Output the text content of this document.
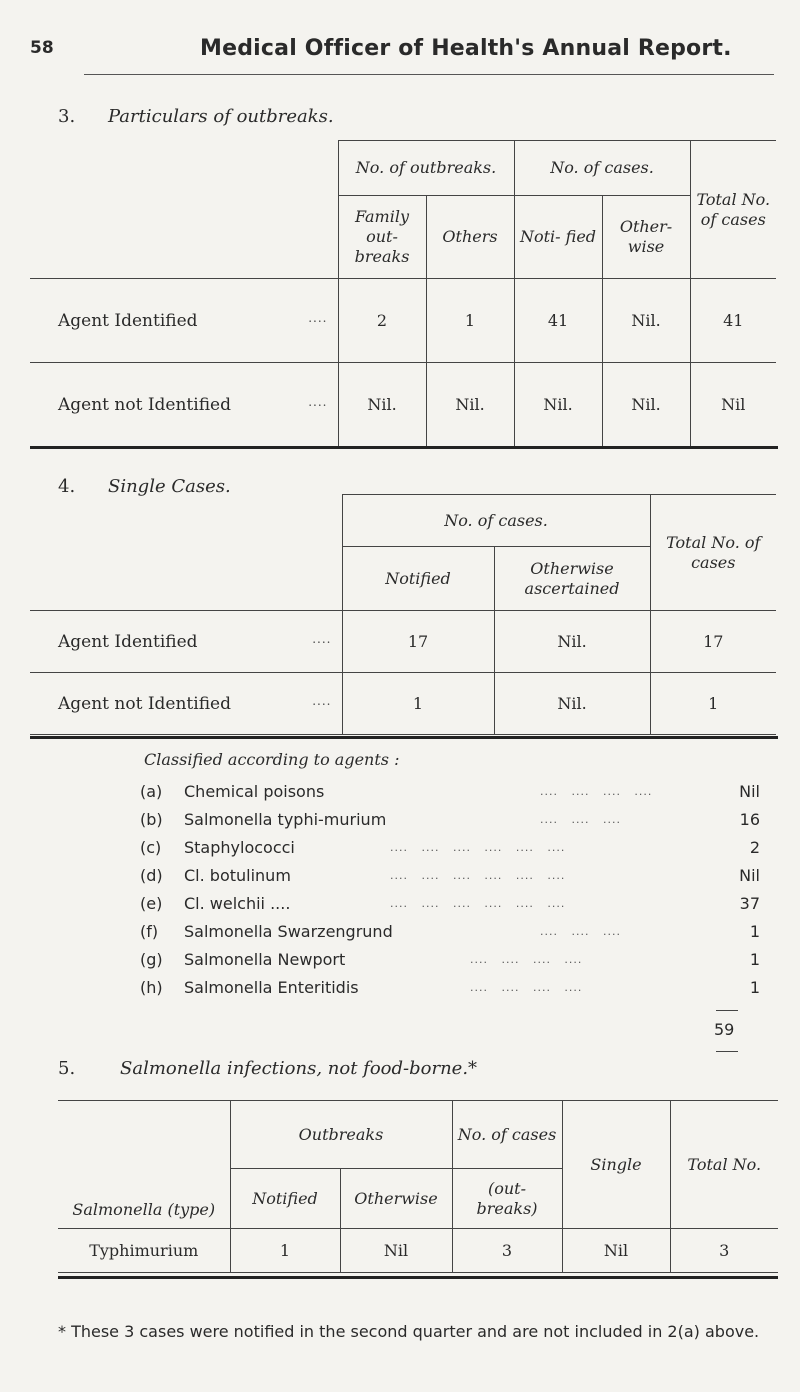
58	Medical Officer of Health's Annual Report.
3. Particulars of outbreaks.
	No. of outbreaks.		No. of cases.		Total No. of cases
	Family out- breaks	Others	Noti- fied	Other- wise	
Agent Identified ....	2	1	41	Nil.	41
Agent not Identified ....	Nil.	Nil.	Nil.	Nil.	Nil
4. Single Cases.
	No. of cases.		Total No. of cases
	Notified	Otherwise ascertained	
Agent Identified ....	17	Nil.	17
Agent not Identified ....	1	Nil.	1
Classified according to agents :
(a) Chemical poisons	....   ....   ....   ....	Nil
(b) Salmonella typhi-murium	....   ....   ....	16
(c) Staphylococci	....   ....   ....   ....   ....   ....	2
(d) Cl. botulinum	....   ....   ....   ....   ....   ....	Nil
(e) Cl. welchii ....	....   ....   ....   ....   ....   ....	37
(f) Salmonella Swarzengrund	....   ....   ....	1
(g) Salmonella Newport	....   ....   ....   ....	1
(h) Salmonella Enteritidis	....   ....   ....   ....	1
59
5. Salmonella infections, not food-borne.*
Salmonella (type)	Outbreaks		No. of cases	Single	Total No.
	Notified	Otherwise	(out- breaks)		
Typhimurium	1	Nil	3	Nil	3
* These 3 cases were notified in the second quarter and are not included in 2(a) above.
